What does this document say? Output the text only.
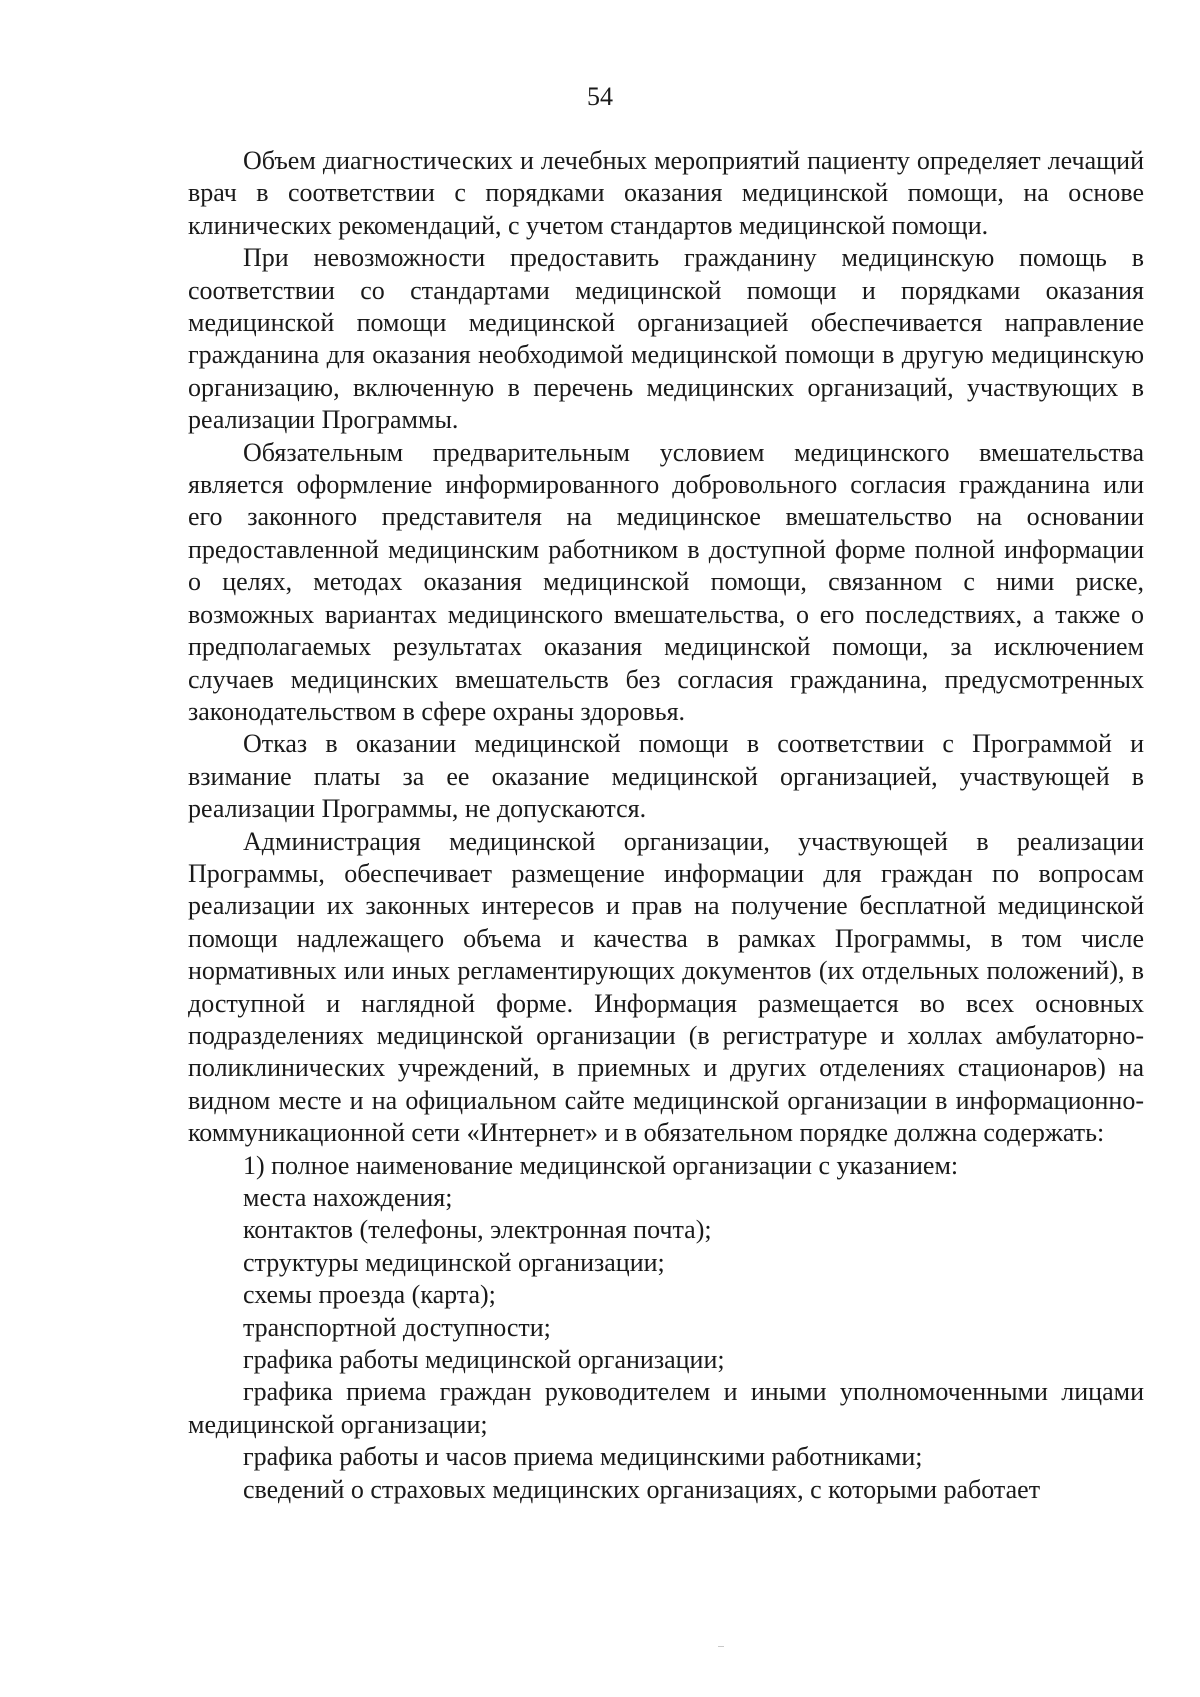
54

Объем диагностических и лечебных мероприятий пациенту определяет лечащий врач в соответствии с порядками оказания медицинской помощи, на основе клинических рекомендаций, с учетом стандартов медицинской помощи.

При невозможности предоставить гражданину медицинскую помощь в соответствии со стандартами медицинской помощи и порядками оказания медицинской помощи медицинской организацией обеспечивается направление гражданина для оказания необходимой медицинской помощи в другую медицинскую организацию, включенную в перечень медицинских организаций, участвующих в реализации Программы.

Обязательным предварительным условием медицинского вмешательства является оформление информированного добровольного согласия гражданина или его законного представителя на медицинское вмешательство на основании предоставленной медицинским работником в доступной форме полной информации о целях, методах оказания медицинской помощи, связанном с ними риске, возможных вариантах медицинского вмешательства, о его последствиях, а также о предполагаемых результатах оказания медицинской помощи, за исключением случаев медицинских вмешательств без согласия гражданина, предусмотренных законодательством в сфере охраны здоровья.

Отказ в оказании медицинской помощи в соответствии с Программой и взимание платы за ее оказание медицинской организацией, участвующей в реализации Программы, не допускаются.

Администрация медицинской организации, участвующей в реализации Программы, обеспечивает размещение информации для граждан по вопросам реализации их законных интересов и прав на получение бесплатной медицинской помощи надлежащего объема и качества в рамках Программы, в том числе нормативных или иных регламентирующих документов (их отдельных положений), в доступной и наглядной форме. Информация размещается во всех основных подразделениях медицинской организации (в регистратуре и холлах амбулаторно-поликлинических учреждений, в приемных и других отделениях стационаров) на видном месте и на официальном сайте медицинской организации в информационно-коммуникационной сети «Интернет» и в обязательном порядке должна содержать:

1) полное наименование медицинской организации с указанием:

места нахождения;

контактов (телефоны, электронная почта);

структуры медицинской организации;

схемы проезда (карта);

транспортной доступности;

графика работы медицинской организации;

графика приема граждан руководителем и иными уполномоченными лицами медицинской организации;

графика работы и часов приема медицинскими работниками;

сведений о страховых медицинских организациях, с которыми работает
